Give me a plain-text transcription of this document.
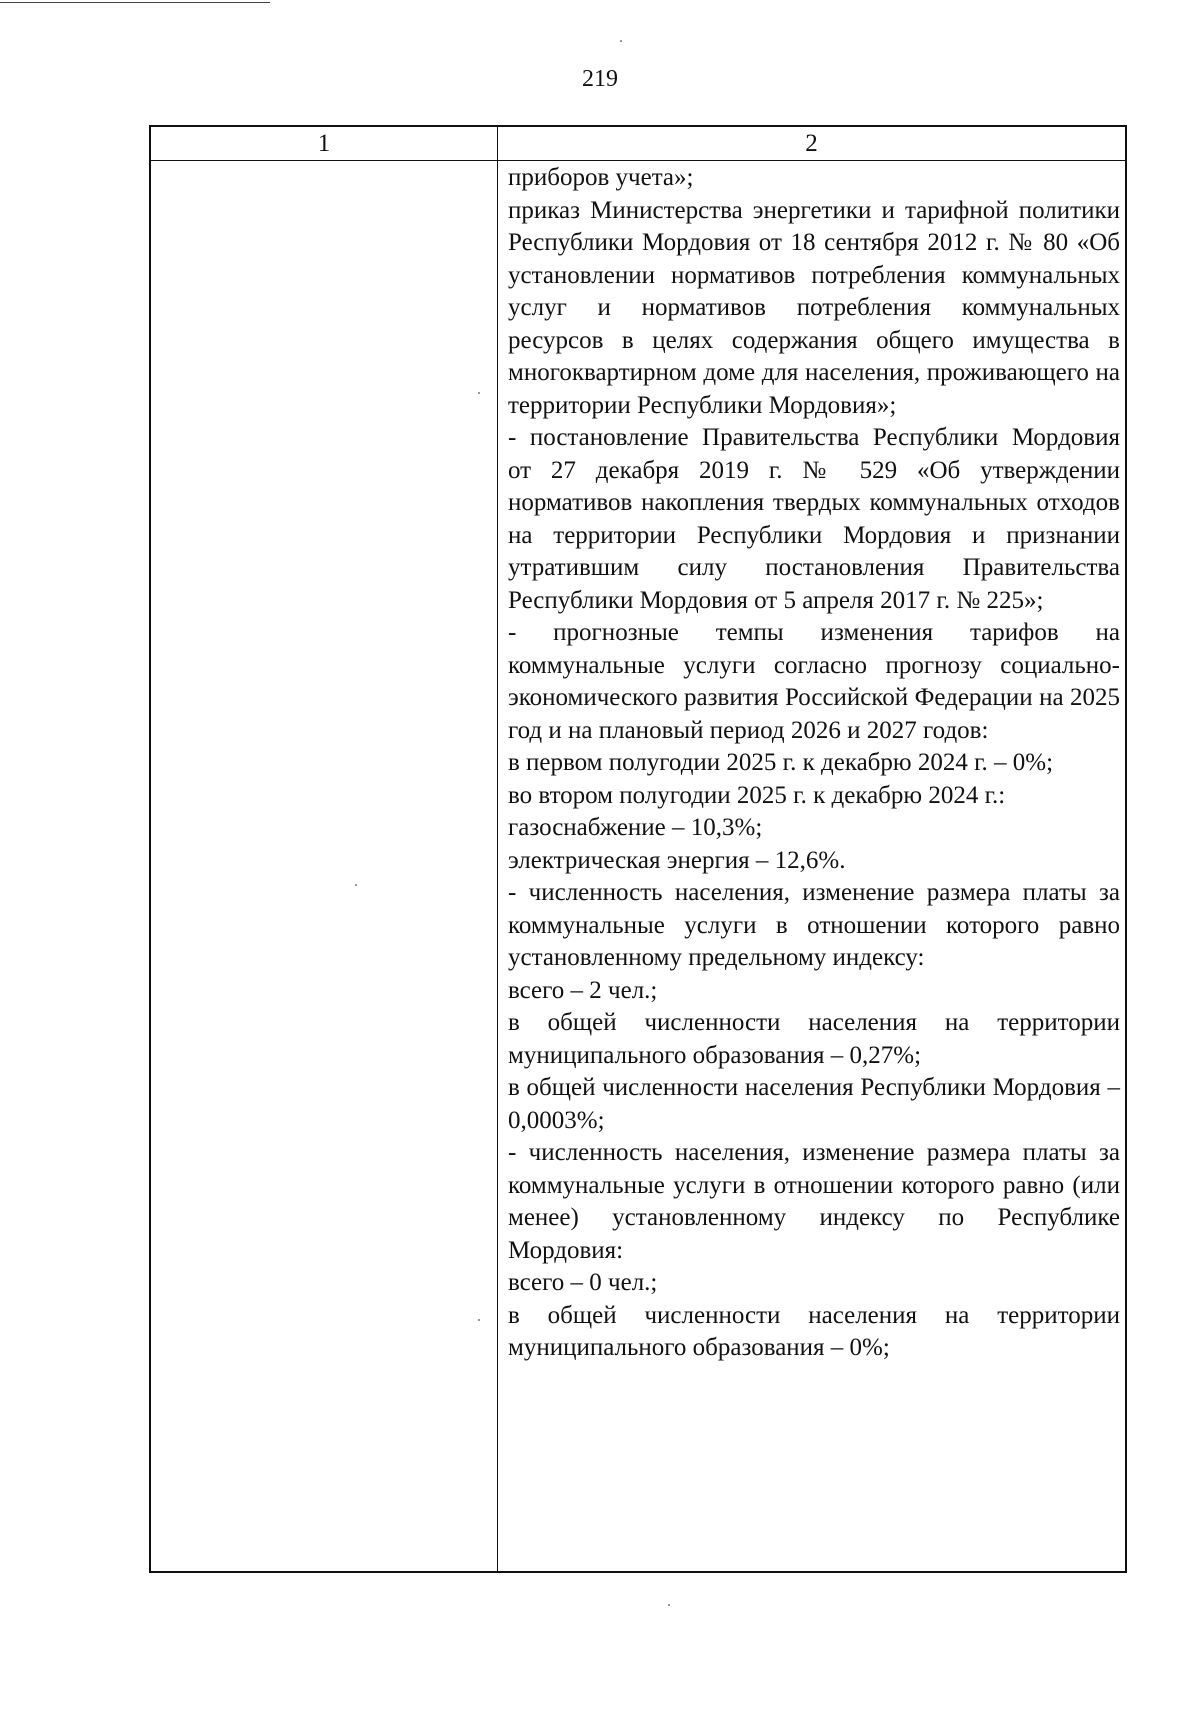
219
1	2

приборов учета»;

приказ Министерства энергетики и тарифной политики Республики Мордовия от 18 сентября 2012 г. № 80 «Об установлении нормативов потребления коммунальных услуг и нормативов потребления коммунальных ресурсов в целях содержания общего имущества в многоквартирном доме для населения, проживающего на территории Республики Мордовия»;

- постановление Правительства Республики Мордовия от 27 декабря 2019 г. № 529 «Об утверждении нормативов накопления твердых коммунальных отходов на территории Республики Мордовия и признании утратившим силу постановления Правительства Республики Мордовия от 5 апреля 2017 г. № 225»;

- прогнозные темпы изменения тарифов на коммунальные услуги согласно прогнозу социально-экономического развития Российской Федерации на 2025 год и на плановый период 2026 и 2027 годов:

в первом полугодии 2025 г. к декабрю 2024 г. – 0%;

во втором полугодии 2025 г. к декабрю 2024 г.:

газоснабжение – 10,3%;

электрическая энергия – 12,6%.

- численность населения, изменение размера платы за коммунальные услуги в отношении которого равно установленному предельному индексу:

всего – 2 чел.;

в общей численности населения на территории муниципального образования – 0,27%;

в общей численности населения Республики Мордовия – 0,0003%;

- численность населения, изменение размера платы за коммунальные услуги в отношении которого равно (или менее) установленному индексу по Республике Мордовия:

всего – 0 чел.;

в общей численности населения на территории муниципального образования – 0%;
